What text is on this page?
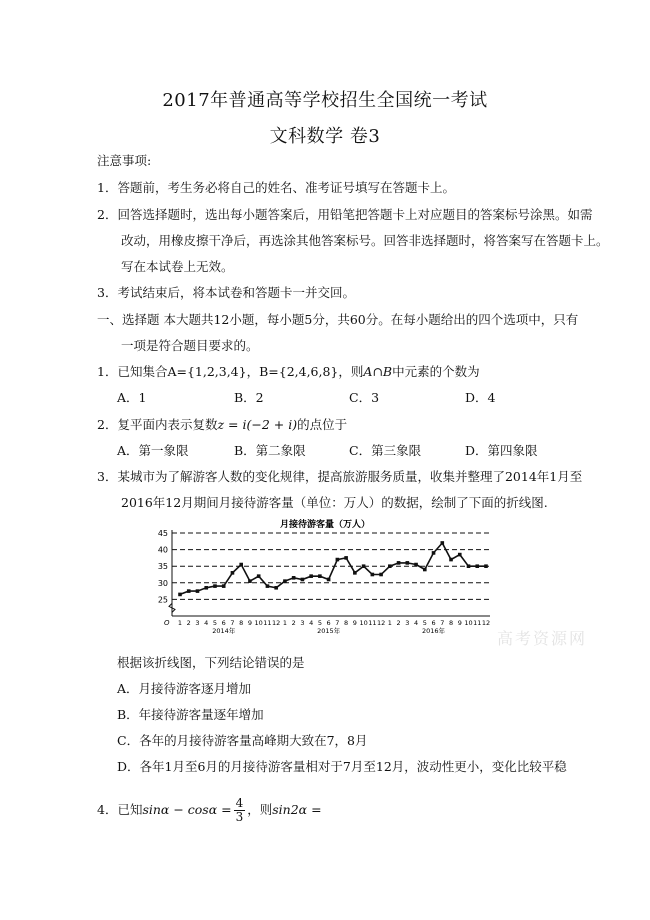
2017年普通高等学校招生全国统一考试
文科数学 卷3
注意事项:
1．答题前，考生务必将自己的姓名、准考证号填写在答题卡上。
2．回答选择题时，选出每小题答案后，用铅笔把答题卡上对应题目的答案标号涂黑。如需
改动，用橡皮擦干净后，再选涂其他答案标号。回答非选择题时，将答案写在答题卡上。
写在本试卷上无效。
3．考试结束后，将本试卷和答题卡一并交回。
一、选择题 本大题共12小题，每小题5分，共60分。在每小题给出的四个选项中，只有
一项是符合题目要求的。
1．已知集合A={1,2,3,4}，B={2,4,6,8}，则A∩B中元素的个数为
A．1	B．2	C．3	D．4
2．复平面内表示复数z = i(−2 + i)的点位于
A．第一象限	B．第二象限	C．第三象限	D．第四象限
3．某城市为了解游客人数的变化规律，提高旅游服务质量，收集并整理了2014年1月至
2016年12月期间月接待游客量（单位：万人）的数据，绘制了下面的折线图.
月接待游客量（万人）
O
25
30
35
40
45
1 2 3 4 5 6 7 8 9 10 11 12 1 2 3 4 5 6 7 8 9 10 11 12 1 2 3 4 5 6 7 8 9 10 11 12
2014年	2015年	2016年
根据该折线图，下列结论错误的是
A．月接待游客逐月增加
B．年接待游客量逐年增加
C．各年的月接待游客量高峰期大致在7，8月
D．各年1月至6月的月接待游客量相对于7月至12月，波动性更小，变化比较平稳
4．已知$\sin\alpha - \cos\alpha = \frac{4}{3}$ ，则sin2α =
高考资源网
